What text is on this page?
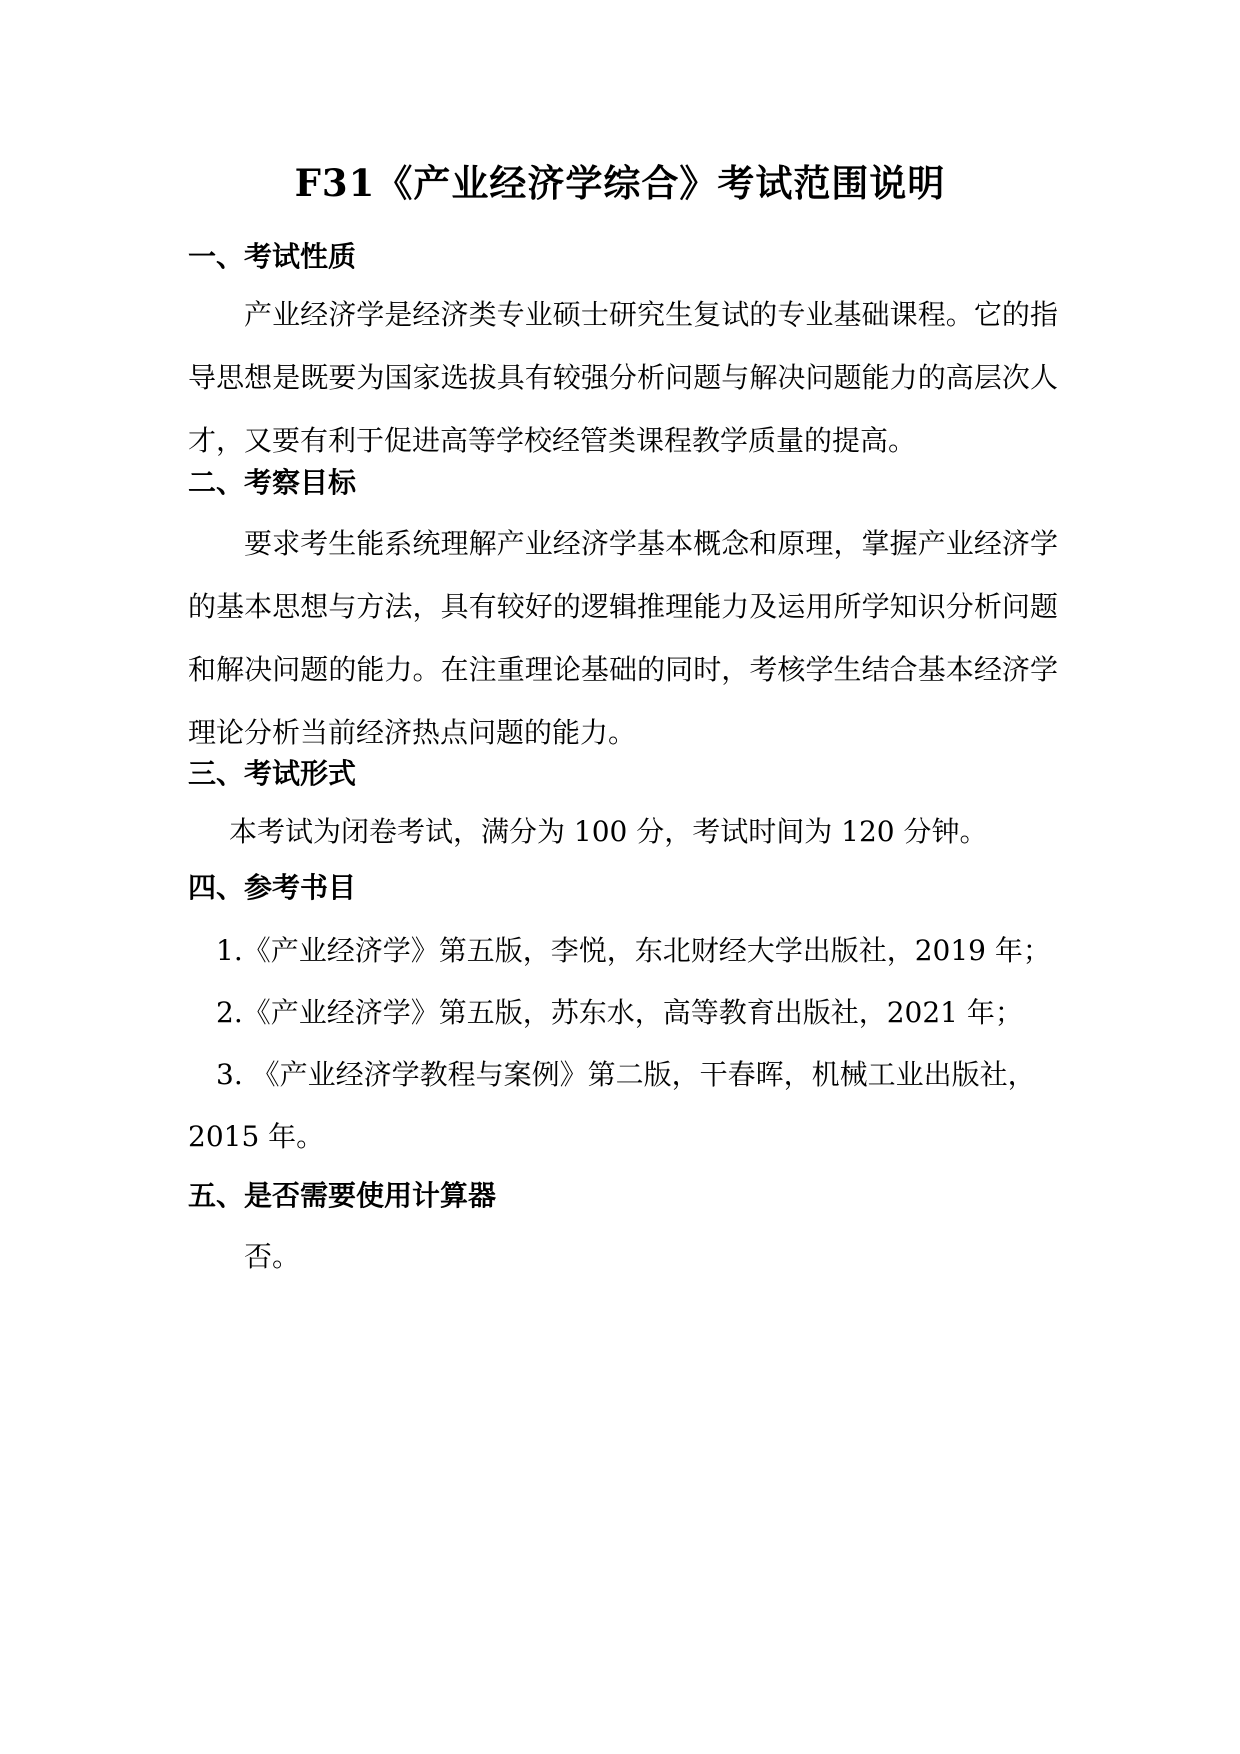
F31《产业经济学综合》考试范围说明
一、考试性质

产业经济学是经济类专业硕士研究生复试的专业基础课程。它的指导思想是既要为国家选拔具有较强分析问题与解决问题能力的高层次人才，又要有利于促进高等学校经管类课程教学质量的提高。

二、考察目标

要求考生能系统理解产业经济学基本概念和原理，掌握产业经济学的基本思想与方法，具有较好的逻辑推理能力及运用所学知识分析问题和解决问题的能力。在注重理论基础的同时，考核学生结合基本经济学理论分析当前经济热点问题的能力。

三、考试形式
本考试为闭卷考试，满分为 100 分，考试时间为 120 分钟。
四、参考书目
1.《产业经济学》第五版，李悦，东北财经大学出版社，2019 年；
2.《产业经济学》第五版，苏东水，高等教育出版社，2021 年；
3. 《产业经济学教程与案例》第二版，干春晖，机械工业出版社，
2015 年。
五、是否需要使用计算器
否。
